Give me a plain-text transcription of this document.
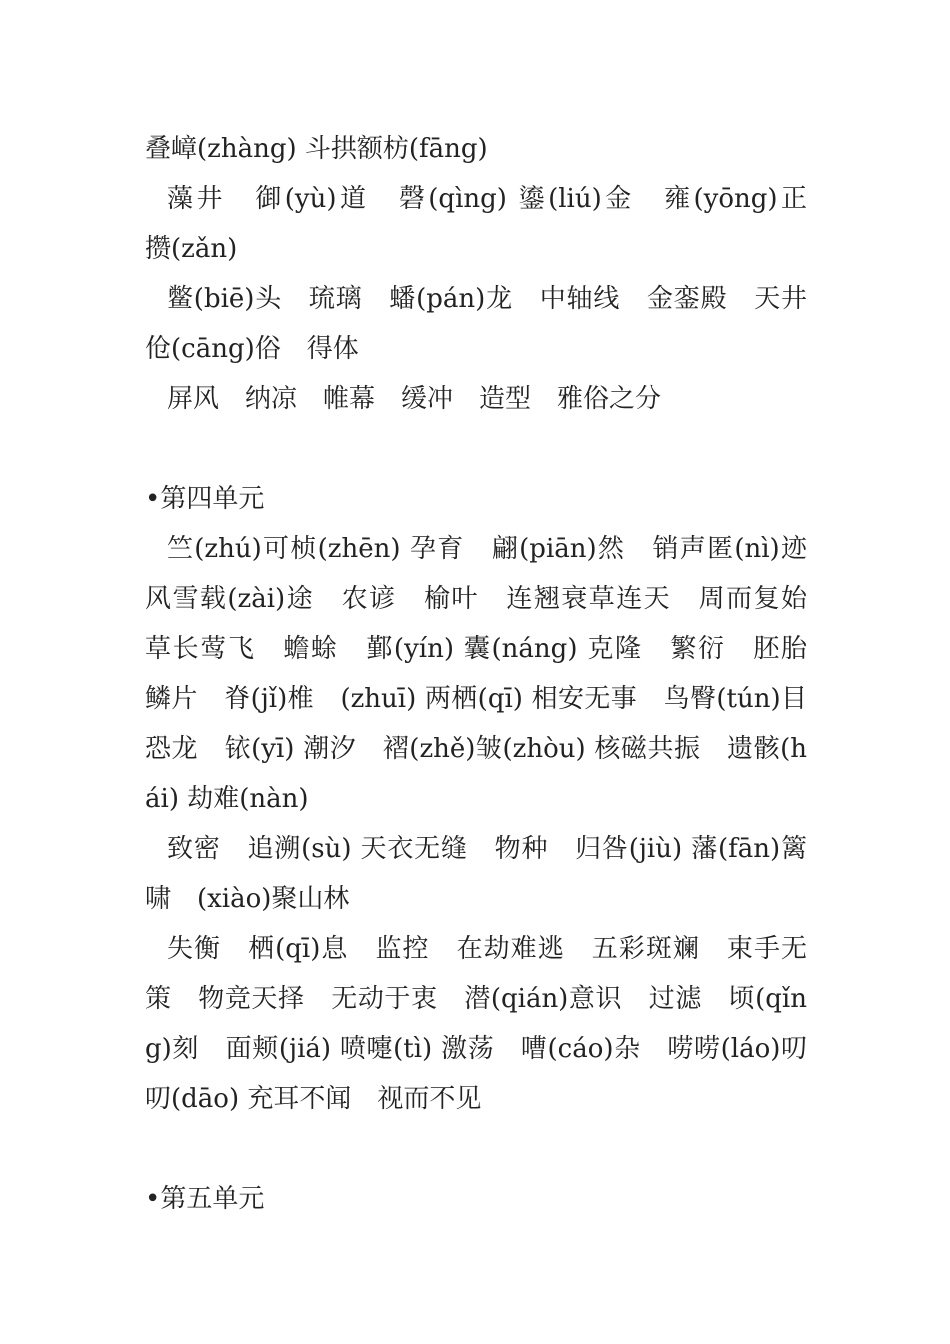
叠嶂(zhàng) 斗拱额枋(fāng)

藻井　御(yù)道　磬(qìng) 鎏(liú)金　雍(yōng)正　攒(zǎn)

鳖(biē)头　琉璃　蟠(pán)龙　中轴线　金銮殿　天井　伧(cāng)俗　得体

屏风　纳凉　帷幕　缓冲　造型　雅俗之分

•第四单元

竺(zhú)可桢(zhēn) 孕育　翩(piān)然　销声匿(nì)迹　风雪载(zài)途　农谚　榆叶　连翘衰草连天　周而复始　草长莺飞　蟾蜍　鄞(yín) 囊(náng) 克隆　繁衍　胚胎　鳞片　脊(jǐ)椎　(zhuī) 两栖(qī) 相安无事　鸟臀(tún)目　恐龙　铱(yī) 潮汐　褶(zhě)皱(zhòu) 核磁共振　遗骸(hái) 劫难(nàn)

致密　追溯(sù) 天衣无缝　物种　归咎(jiù) 藩(fān)篱　啸　(xiào)聚山林

失衡　栖(qī)息　监控　在劫难逃　五彩斑斓　束手无策　物竞天择　无动于衷　潜(qián)意识　过滤　顷(qǐng)刻　面颊(jiá) 喷嚏(tì) 激荡　嘈(cáo)杂　唠唠(láo)叨叨(dāo) 充耳不闻　视而不见

•第五单元
